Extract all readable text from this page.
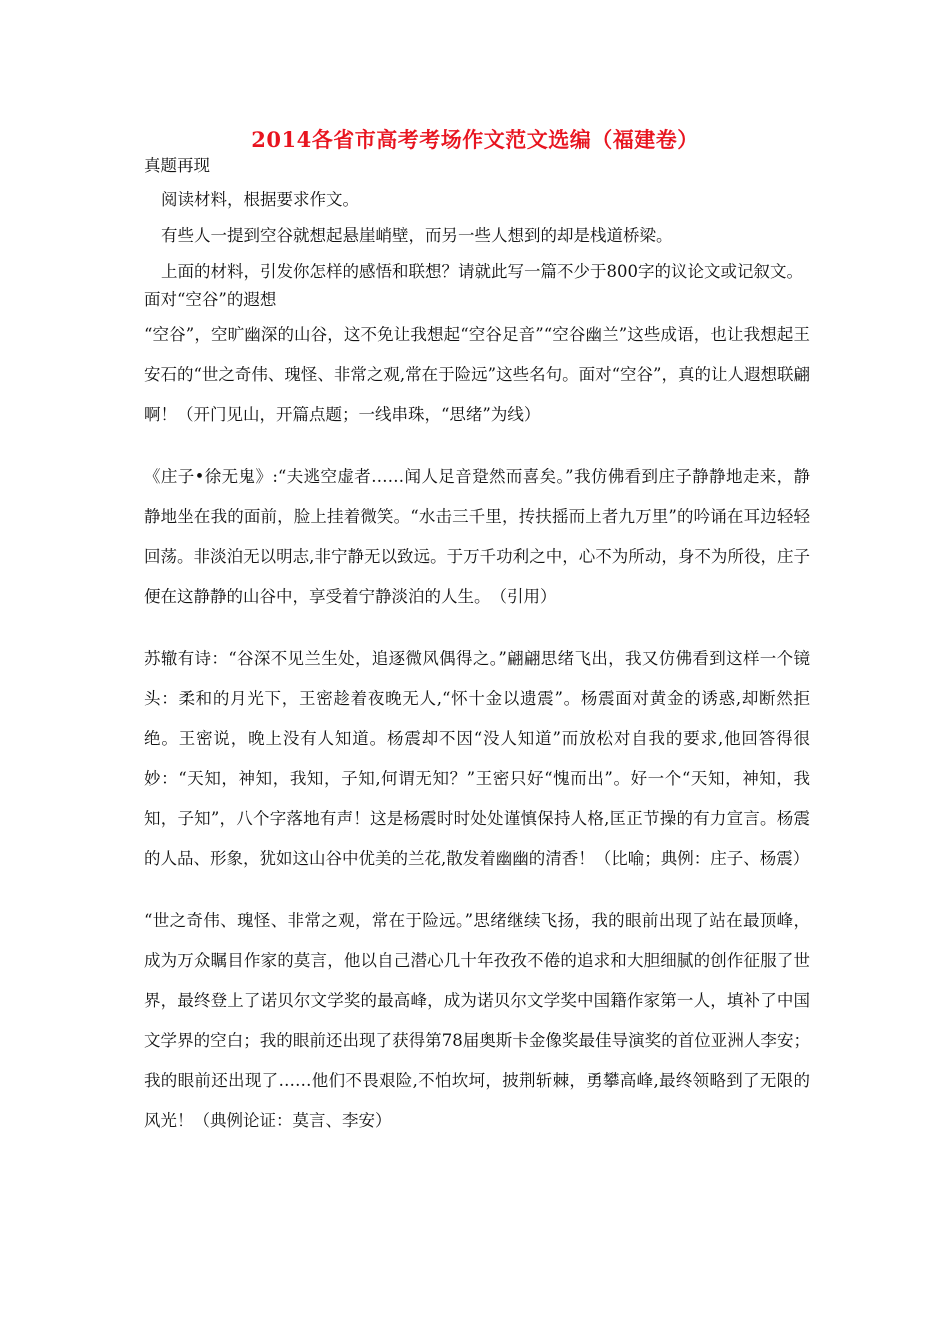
2014各省市高考考场作文范文选编（福建卷）

真题再现

阅读材料，根据要求作文。

有些人一提到空谷就想起悬崖峭壁，而另一些人想到的却是栈道桥梁。

上面的材料，引发你怎样的感悟和联想？请就此写一篇不少于800字的议论文或记叙文。

面对“空谷”的遐想

“空谷”，空旷幽深的山谷，这不免让我想起“空谷足音”“空谷幽兰”这些成语，也让我想起王安石的“世之奇伟、瑰怪、非常之观,常在于险远”这些名句。面对“空谷”，真的让人遐想联翩啊！（开门见山，开篇点题；一线串珠，“思绪”为线）

《庄子•徐无鬼》:“夫逃空虚者……闻人足音跫然而喜矣。”我仿佛看到庄子静静地走来，静静地坐在我的面前，脸上挂着微笑。“水击三千里，抟扶摇而上者九万里”的吟诵在耳边轻轻回荡。非淡泊无以明志,非宁静无以致远。于万千功利之中，心不为所动，身不为所役，庄子便在这静静的山谷中，享受着宁静淡泊的人生。　（引用）

苏辙有诗：“谷深不见兰生处，追逐微风偶得之。”翩翩思绪飞出，我又仿佛看到这样一个镜头：柔和的月光下，王密趁着夜晚无人,“怀十金以遗震”。杨震面对黄金的诱惑,却断然拒绝。王密说，晚上没有人知道。杨震却不因“没人知道”而放松对自我的要求,他回答得很妙：“天知，神知，我知，子知,何谓无知？”王密只好“愧而出”。好一个“天知，神知，我知，子知”，八个字落地有声！这是杨震时时处处谨慎保持人格,匡正节操的有力宣言。杨震的人品、形象，犹如这山谷中优美的兰花,散发着幽幽的清香！（比喻；典例：庄子、杨震）

“世之奇伟、瑰怪、非常之观，常在于险远。”思绪继续飞扬，我的眼前出现了站在最顶峰，成为万众瞩目作家的莫言，他以自己潜心几十年孜孜不倦的追求和大胆细腻的创作征服了世界，最终登上了诺贝尔文学奖的最高峰，成为诺贝尔文学奖中国籍作家第一人，填补了中国文学界的空白；我的眼前还出现了获得第78届奥斯卡金像奖最佳导演奖的首位亚洲人李安；我的眼前还出现了……他们不畏艰险,不怕坎坷，披荆斩棘，勇攀高峰,最终领略到了无限的风光！（典例论证：莫言、李安）
